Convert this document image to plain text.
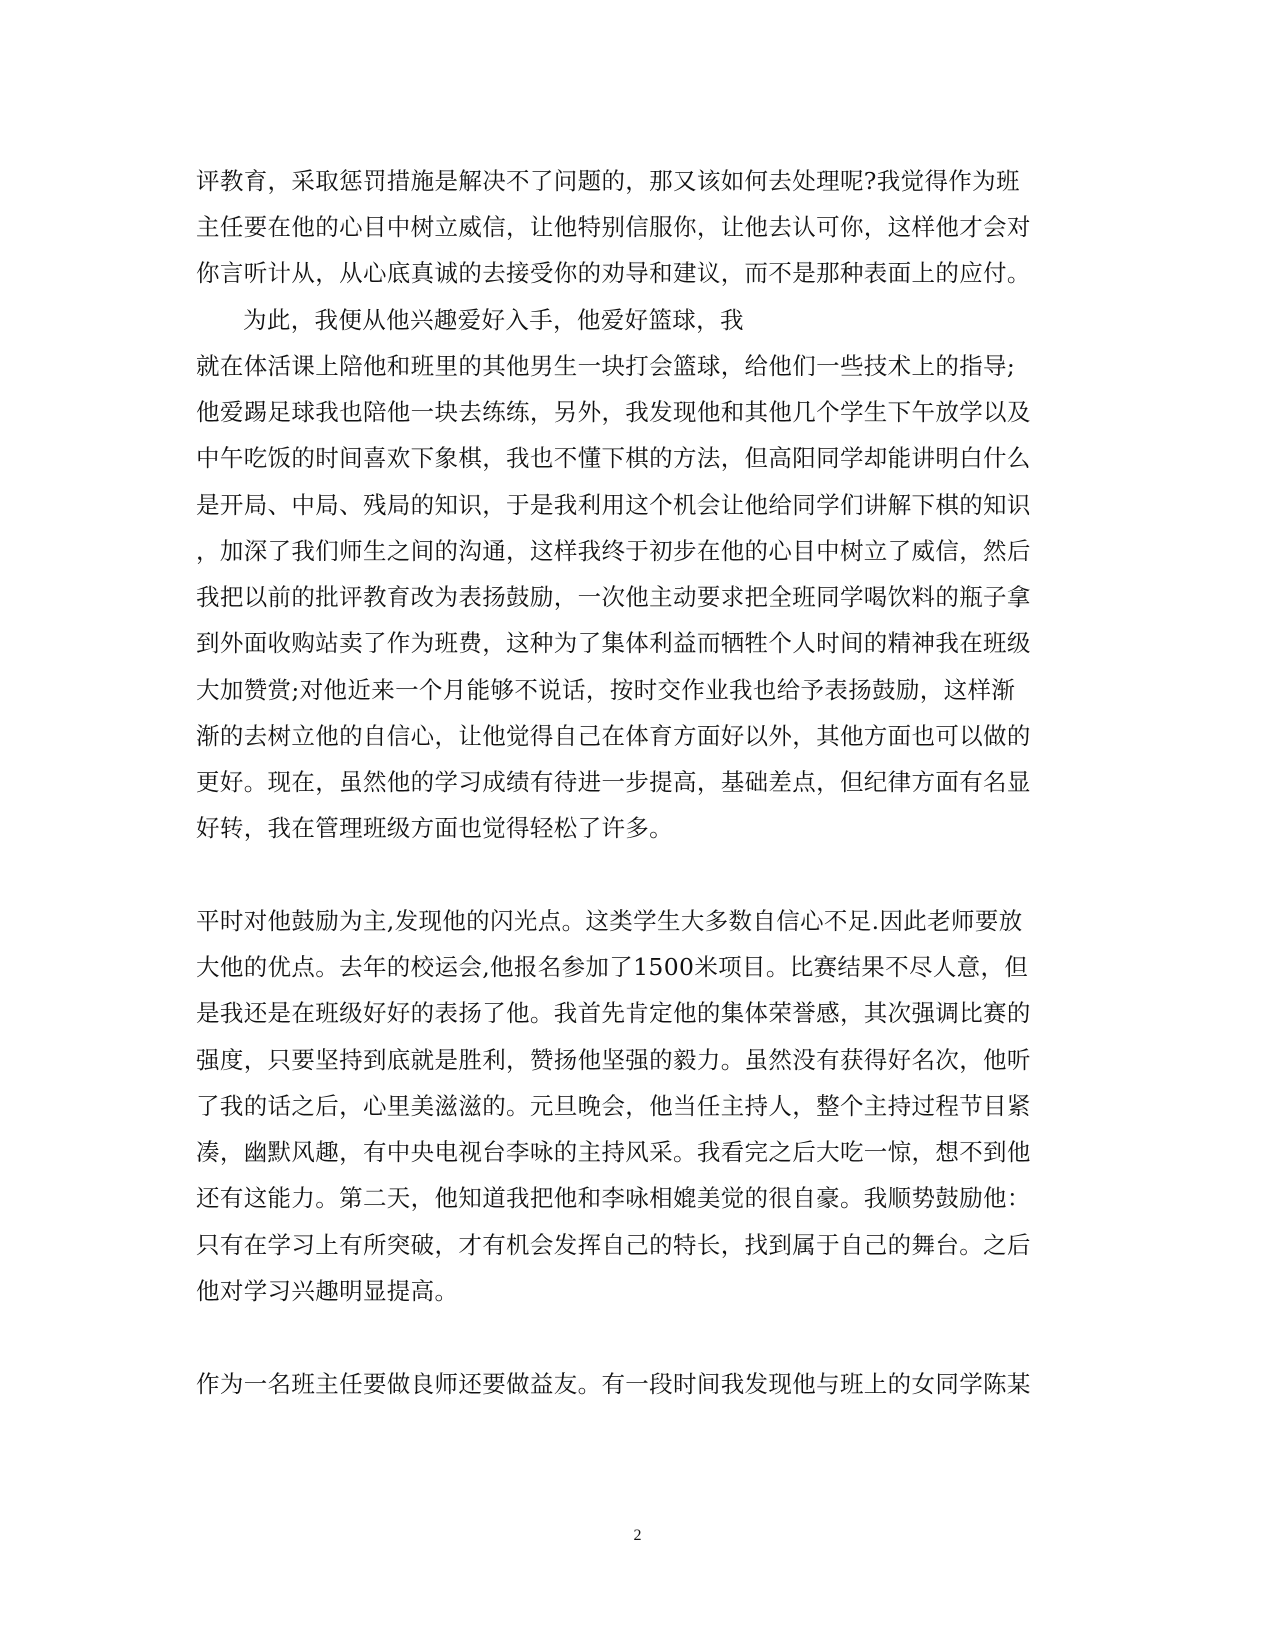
评教育，采取惩罚措施是解决不了问题的，那又该如何去处理呢?我觉得作为班
主任要在他的心目中树立威信，让他特别信服你，让他去认可你，这样他才会对
你言听计从，从心底真诚的去接受你的劝导和建议，而不是那种表面上的应付。
为此，我便从他兴趣爱好入手，他爱好篮球，我
就在体活课上陪他和班里的其他男生一块打会篮球，给他们一些技术上的指导;
他爱踢足球我也陪他一块去练练，另外，我发现他和其他几个学生下午放学以及
中午吃饭的时间喜欢下象棋，我也不懂下棋的方法，但高阳同学却能讲明白什么
是开局、中局、残局的知识，于是我利用这个机会让他给同学们讲解下棋的知识
，加深了我们师生之间的沟通，这样我终于初步在他的心目中树立了威信，然后
我把以前的批评教育改为表扬鼓励，一次他主动要求把全班同学喝饮料的瓶子拿
到外面收购站卖了作为班费，这种为了集体利益而牺牲个人时间的精神我在班级
大加赞赏;对他近来一个月能够不说话，按时交作业我也给予表扬鼓励，这样渐
渐的去树立他的自信心，让他觉得自己在体育方面好以外，其他方面也可以做的
更好。现在，虽然他的学习成绩有待进一步提高，基础差点，但纪律方面有名显
好转，我在管理班级方面也觉得轻松了许多。
平时对他鼓励为主,发现他的闪光点。这类学生大多数自信心不足.因此老师要放
大他的优点。去年的校运会,他报名参加了1500米项目。比赛结果不尽人意，但
是我还是在班级好好的表扬了他。我首先肯定他的集体荣誉感，其次强调比赛的
强度，只要坚持到底就是胜利，赞扬他坚强的毅力。虽然没有获得好名次，他听
了我的话之后，心里美滋滋的。元旦晚会，他当任主持人，整个主持过程节目紧
凑，幽默风趣，有中央电视台李咏的主持风采。我看完之后大吃一惊，想不到他
还有这能力。第二天，他知道我把他和李咏相媲美觉的很自豪。我顺势鼓励他：
只有在学习上有所突破，才有机会发挥自己的特长，找到属于自己的舞台。之后
他对学习兴趣明显提高。
作为一名班主任要做良师还要做益友。有一段时间我发现他与班上的女同学陈某
2
